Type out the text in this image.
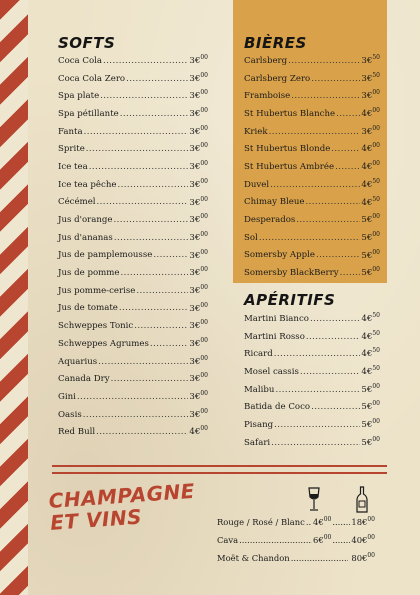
SOFTS
Coca Cola .....	3€$^{00}$
Coca Cola Zero .....	3€$^{00}$
Spa plate .....	3€$^{00}$
Spa pétillante .....	3€$^{00}$
Fanta .....	3€$^{00}$
Sprite .....	3€$^{00}$
Ice tea .....	3€$^{00}$
Ice tea pêche .....	3€$^{00}$
Cécémel .....	3€$^{00}$
Jus d'orange .....	3€$^{00}$
Jus d'ananas .....	3€$^{00}$
Jus de pamplemousse .....	3€$^{00}$
Jus de pomme .....	3€$^{00}$
Jus pomme-cerise .....	3€$^{00}$
Jus de tomate .....	3€$^{00}$
Schweppes Tonic .....	3€$^{00}$
Schweppes Agrumes .....	3€$^{00}$
Aquarius .....	3€$^{00}$
Canada Dry .....	3€$^{00}$
Gini .....	3€$^{00}$
Oasis .....	3€$^{00}$
Red Bull .....	4€$^{00}$
BIÈRES
Carlsberg .....	3€$^{50}$
Carlsberg Zero .....	3€$^{50}$
Framboise .....	3€$^{00}$
St Hubertus Blanche .....	4€$^{00}$
Kriek .....	3€$^{00}$
St Hubertus Blonde .....	4€$^{00}$
St Hubertus Ambrée .....	4€$^{00}$
Duvel .....	4€$^{50}$
Chimay Bleue .....	4€$^{50}$
Desperados .....	5€$^{00}$
Sol .....	5€$^{00}$
Somersby Apple .....	5€$^{00}$
Somersby BlackBerry .....	5€$^{00}$
APÉRITIFS
Martini Bianco .....	4€$^{50}$
Martini Rosso .....	4€$^{50}$
Ricard .....	4€$^{50}$
Mosel cassis .....	4€$^{50}$
Malibu .....	5€$^{00}$
Batida de Coco .....	5€$^{00}$
Pisang .....	5€$^{00}$
Safari .....	5€$^{00}$
CHAMPAGNE
ET VINS	Rouge / Rosé / Blanc ..... 4€$^{00}$ ..... 18€$^{00}$
Cava .....	6€$^{00}$ ..... 40€$^{00}$
Moët & Chandon .....	80€$^{00}$
